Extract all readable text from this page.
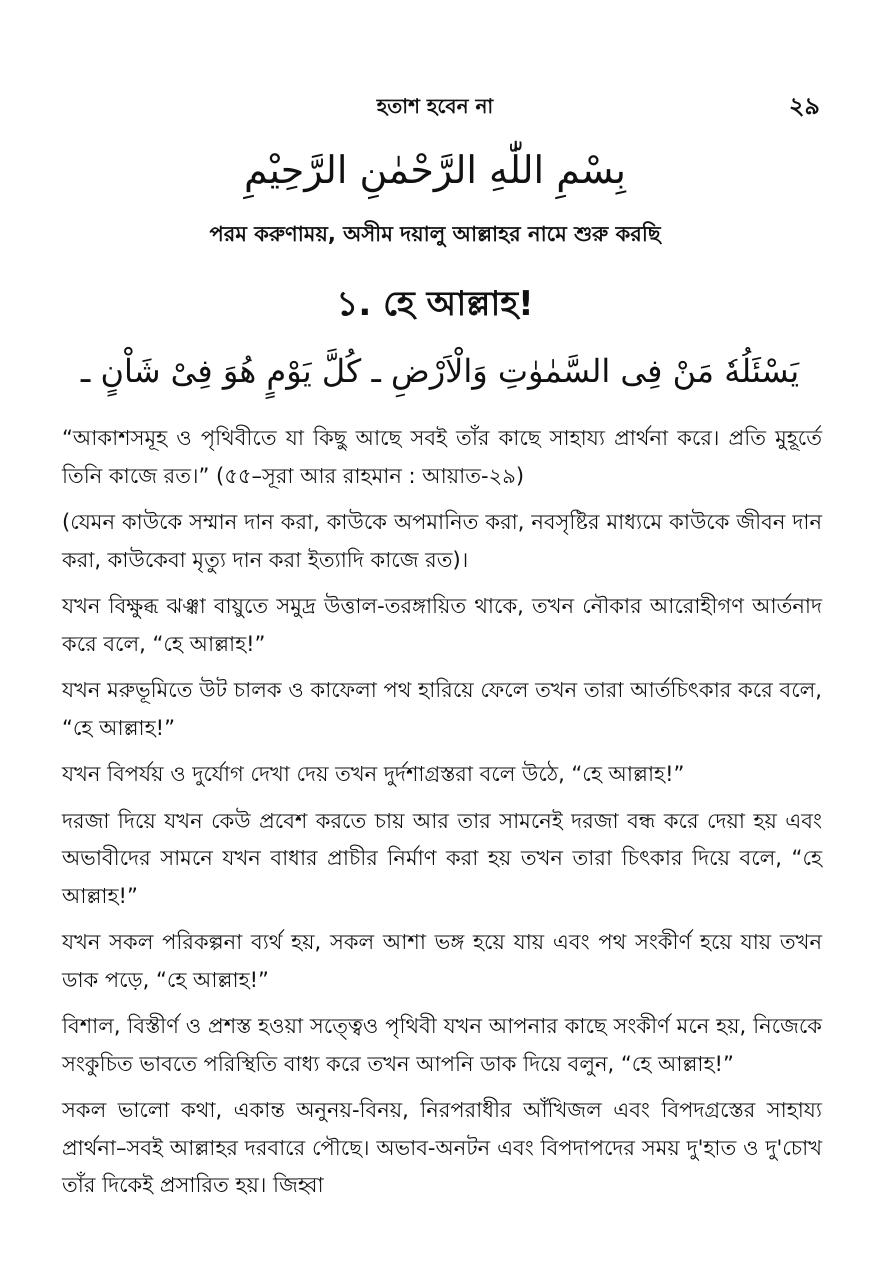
হতাশ হবেন না	২৯
بِسْمِ اللّٰهِ الرَّحْمٰنِ الرَّحِيْمِ
পরম করুণাময়, অসীম দয়ালু আল্লাহর নামে শুরু করছি
১. হে আল্লাহ!
يَسْئَلُهٗ مَنْ فِى السَّمٰوٰتِ وَالْاَرْضِ ـ كُلَّ يَوْمٍ هُوَ فِىْ شَاْنٍ ـ

“আকাশসমূহ ও পৃথিবীতে যা কিছু আছে সবই তাঁর কাছে সাহায্য প্রার্থনা করে। প্রতি মুহূর্তে তিনি কাজে রত।” (৫৫–সূরা আর রাহমান : আয়াত-২৯)

(যেমন কাউকে সম্মান দান করা, কাউকে অপমানিত করা, নবসৃষ্টির মাধ্যমে কাউকে জীবন দান করা, কাউকেবা মৃত্যু দান করা ইত্যাদি কাজে রত)।

যখন বিক্ষুব্ধ ঝঞ্ঝা বায়ুতে সমুদ্র উত্তাল-তরঙ্গায়িত থাকে, তখন নৌকার আরোহীগণ আর্তনাদ করে বলে, “হে আল্লাহ!”

যখন মরুভূমিতে উট চালক ও কাফেলা পথ হারিয়ে ফেলে তখন তারা আর্তচিৎকার করে বলে, “হে আল্লাহ!”

যখন বিপর্যয় ও দুর্যোগ দেখা দেয় তখন দুর্দশাগ্রস্তরা বলে উঠে, “হে আল্লাহ!”

দরজা দিয়ে যখন কেউ প্রবেশ করতে চায় আর তার সামনেই দরজা বন্ধ করে দেয়া হয় এবং অভাবীদের সামনে যখন বাধার প্রাচীর নির্মাণ করা হয় তখন তারা চিৎকার দিয়ে বলে, “হে আল্লাহ!”

যখন সকল পরিকল্পনা ব্যর্থ হয়, সকল আশা ভঙ্গ হয়ে যায় এবং পথ সংকীর্ণ হয়ে যায় তখন ডাক পড়ে, “হে আল্লাহ!”

বিশাল, বিস্তীর্ণ ও প্রশস্ত হওয়া সত্ত্বেও পৃথিবী যখন আপনার কাছে সংকীর্ণ মনে হয়, নিজেকে সংকুচিত ভাবতে পরিস্থিতি বাধ্য করে তখন আপনি ডাক দিয়ে বলুন, “হে আল্লাহ!”

সকল ভালো কথা, একান্ত অনুনয়-বিনয়, নিরপরাধীর আঁখিজল এবং বিপদগ্রস্তের সাহায্য প্রার্থনা–সবই আল্লাহর দরবারে পৌছে। অভাব-অনটন এবং বিপদাপদের সময় দু'হাত ও দু'চোখ তাঁর দিকেই প্রসারিত হয়। জিহ্বা
